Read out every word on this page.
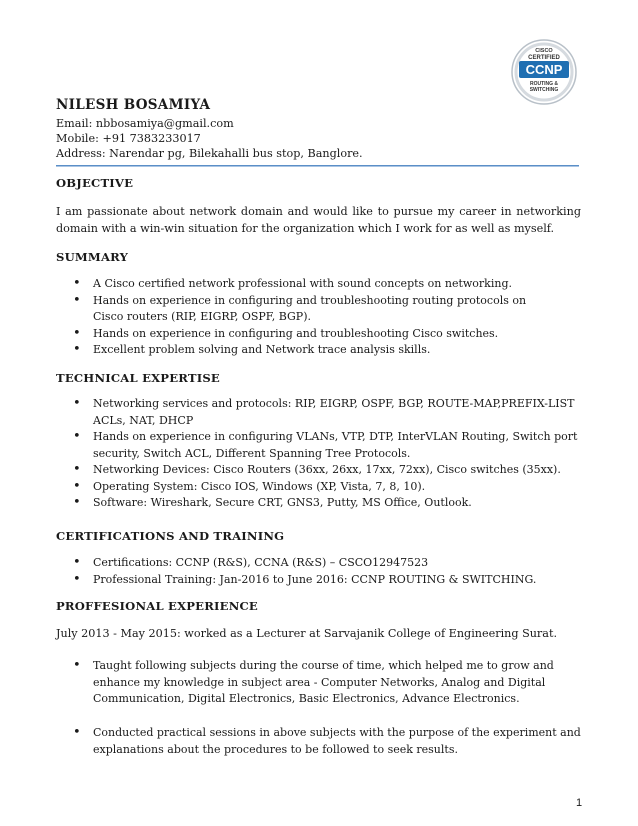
CISCO
CERTIFIED
CCNP
ROUTING &
SWITCHING
NILESH BOSAMIYA
Email: nbbosamiya@gmail.com
Mobile: +91 7383233017
Address: Narendar pg, Bilekahalli bus stop, Banglore.
OBJECTIVE
I am passionate about network domain and would like to pursue my career in networking domain with a win-win situation for the organization which I work for as well as myself.
SUMMARY
• A Cisco certified network professional with sound concepts on networking.
• Hands on experience in configuring and troubleshooting routing protocols on Cisco routers (RIP, EIGRP, OSPF, BGP).
• Hands on experience in configuring and troubleshooting Cisco switches.
• Excellent problem solving and Network trace analysis skills.
TECHNICAL EXPERTISE
• Networking services and protocols: RIP, EIGRP, OSPF, BGP, ROUTE-MAP,PREFIX-LIST ACLs, NAT, DHCP
• Hands on experience in configuring VLANs, VTP, DTP, InterVLAN Routing, Switch port security, Switch ACL, Different Spanning Tree Protocols.
• Networking Devices: Cisco Routers (36xx, 26xx, 17xx, 72xx), Cisco switches (35xx).
• Operating System: Cisco IOS, Windows (XP, Vista, 7, 8, 10).
• Software: Wireshark, Secure CRT, GNS3, Putty, MS Office, Outlook.
CERTIFICATIONS AND TRAINING
• Certifications: CCNP (R&S), CCNA (R&S) – CSCO12947523
• Professional Training: Jan-2016 to June 2016: CCNP ROUTING & SWITCHING.
PROFFESIONAL EXPERIENCE
July 2013 - May 2015: worked as a Lecturer at Sarvajanik College of Engineering Surat.
• Taught following subjects during the course of time, which helped me to grow and enhance my knowledge in subject area - Computer Networks, Analog and Digital Communication, Digital Electronics, Basic Electronics, Advance Electronics.
• Conducted practical sessions in above subjects with the purpose of the experiment and explanations about the procedures to be followed to seek results.
1
